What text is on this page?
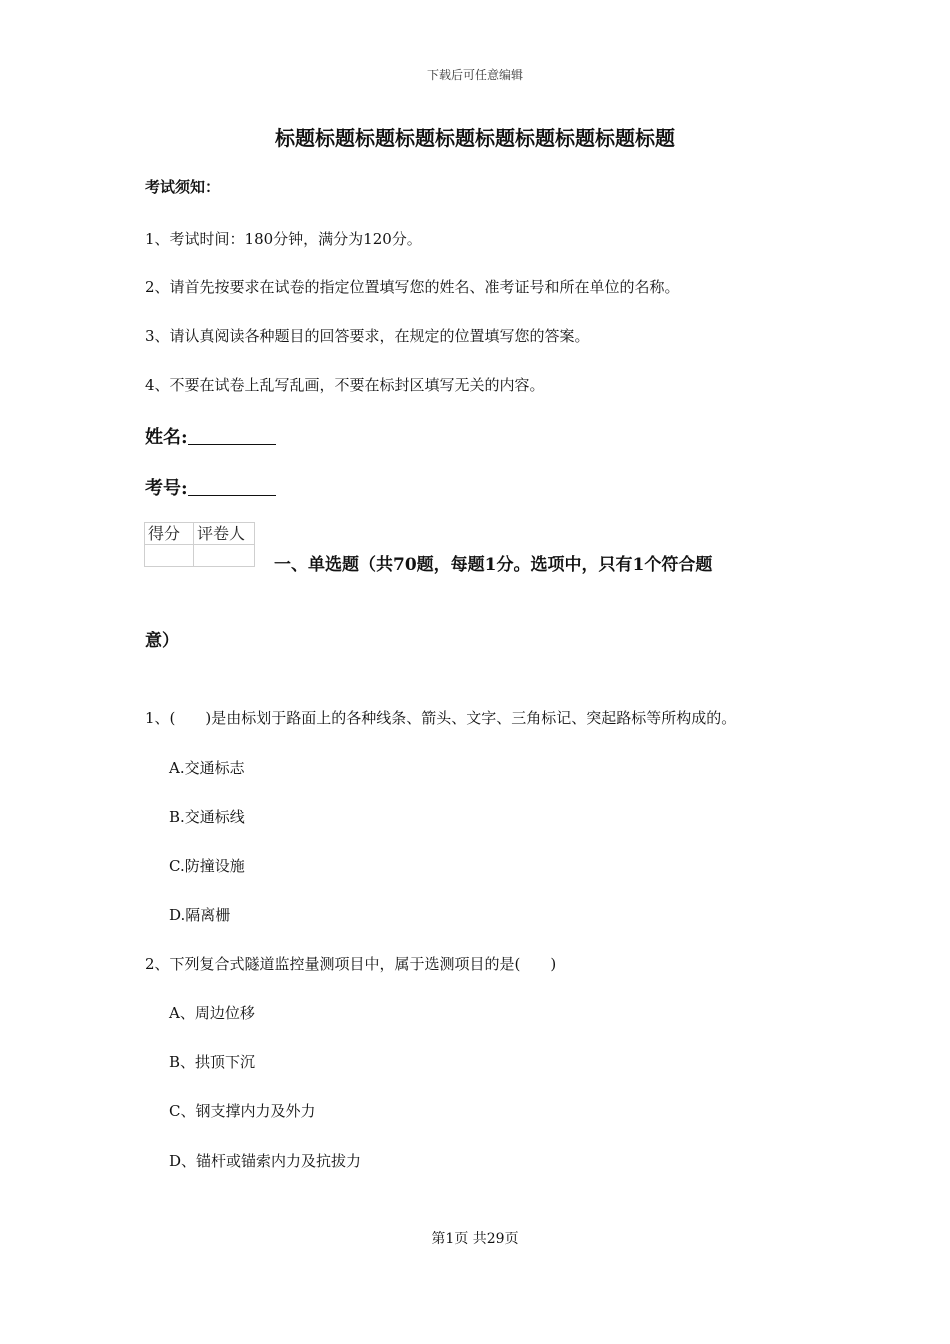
下载后可任意编辑
标题标题标题标题标题标题标题标题标题标题
考试须知：
1、考试时间：180分钟，满分为120分。
2、请首先按要求在试卷的指定位置填写您的姓名、准考证号和所在单位的名称。
3、请认真阅读各种题目的回答要求，在规定的位置填写您的答案。
4、不要在试卷上乱写乱画，不要在标封区填写无关的内容。
姓名:
考号:
得分	评卷人

一、单选题（共70题，每题1分。选项中，只有1个符合题
意）
1、(　　)是由标划于路面上的各种线条、箭头、文字、三角标记、突起路标等所构成的。
A.交通标志
B.交通标线
C.防撞设施
D.隔离栅
2、下列复合式隧道监控量测项目中，属于选测项目的是(　　)
A、周边位移
B、拱顶下沉
C、钢支撑内力及外力
D、锚杆或锚索内力及抗拔力
第1页 共29页
